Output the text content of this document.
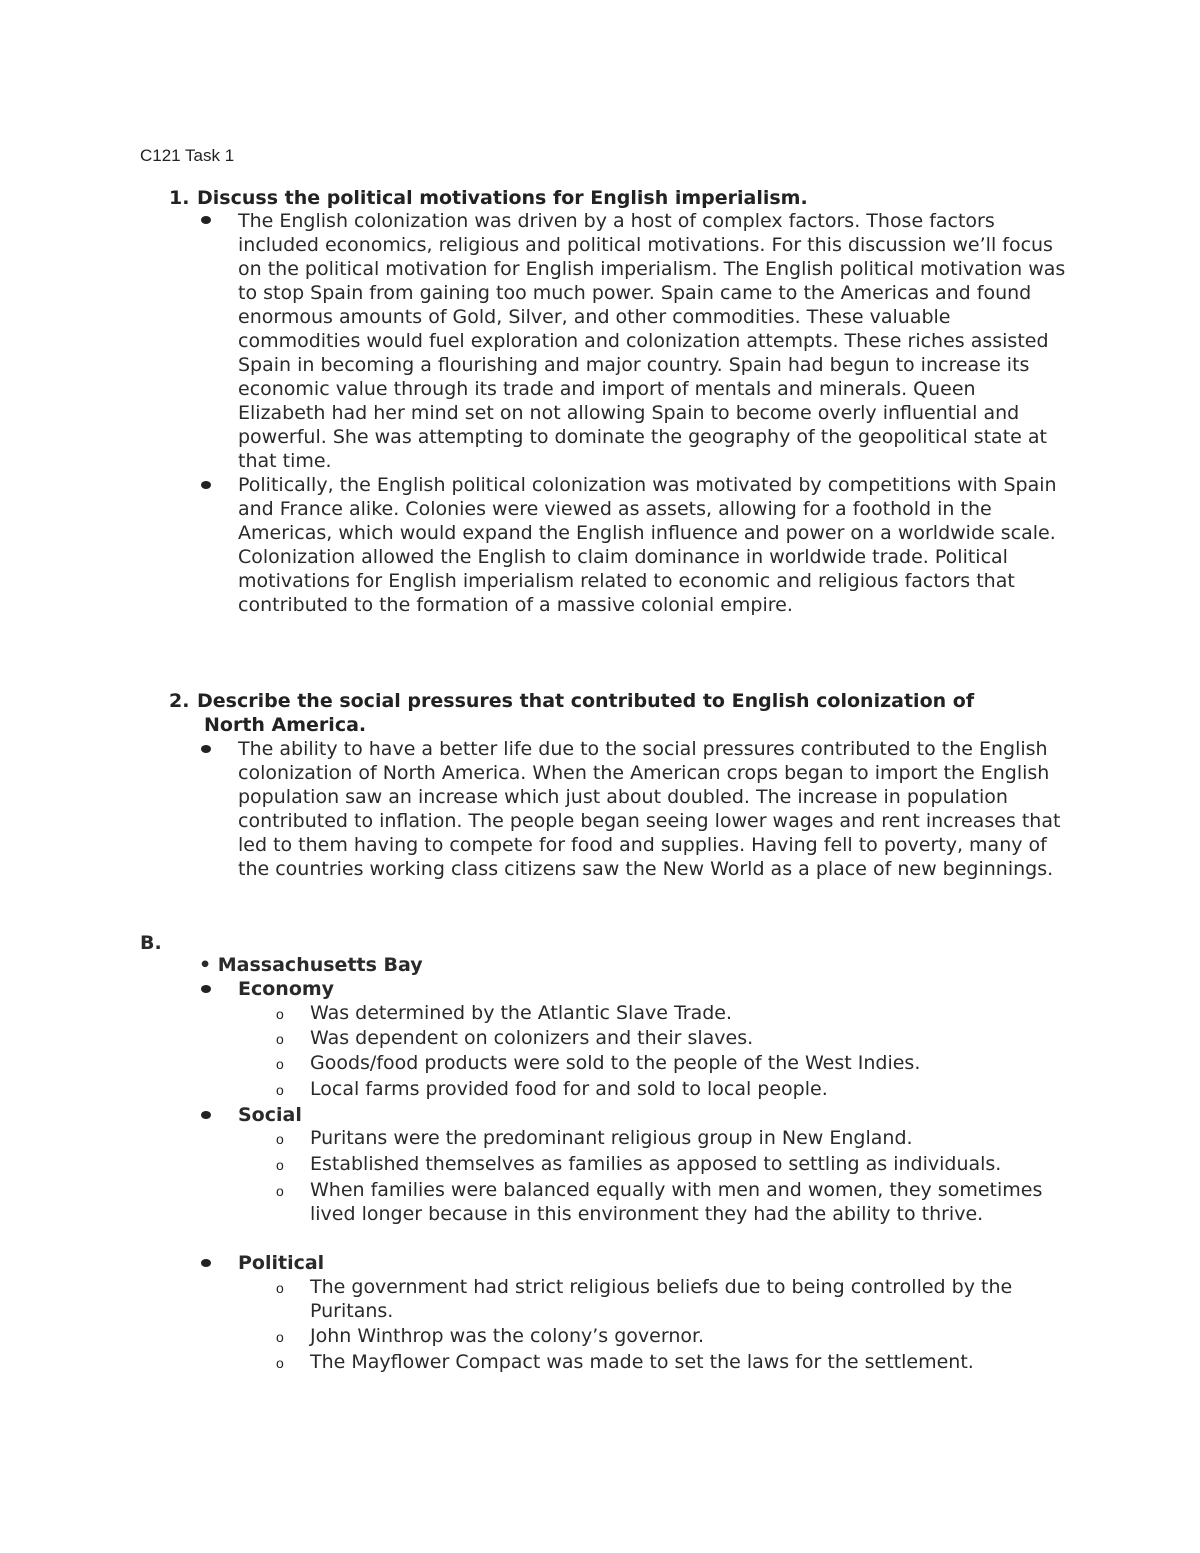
C121 Task 1
1. Discuss the political motivations for English imperialism.
The English colonization was driven by a host of complex factors. Those factors included economics, religious and political motivations. For this discussion we’ll focus on the political motivation for English imperialism. The English political motivation was to stop Spain from gaining too much power. Spain came to the Americas and found enormous amounts of Gold, Silver, and other commodities. These valuable commodities would fuel exploration and colonization attempts. These riches assisted Spain in becoming a flourishing and major country. Spain had begun to increase its economic value through its trade and import of mentals and minerals. Queen Elizabeth had her mind set on not allowing Spain to become overly influential and powerful. She was attempting to dominate the geography of the geopolitical state at that time.
Politically, the English political colonization was motivated by competitions with Spain and France alike. Colonies were viewed as assets, allowing for a foothold in the Americas, which would expand the English influence and power on a worldwide scale. Colonization allowed the English to claim dominance in worldwide trade. Political motivations for English imperialism related to economic and religious factors that contributed to the formation of a massive colonial empire.
2. Describe the social pressures that contributed to English colonization of
North America.
The ability to have a better life due to the social pressures contributed to the English colonization of North America. When the American crops began to import the English population saw an increase which just about doubled. The increase in population contributed to inflation. The people began seeing lower wages and rent increases that led to them having to compete for food and supplies. Having fell to poverty, many of the countries working class citizens saw the New World as a place of new beginnings.
B.
• Massachusetts Bay
Economy
o Was determined by the Atlantic Slave Trade.
o Was dependent on colonizers and their slaves.
o Goods/food products were sold to the people of the West Indies.
o Local farms provided food for and sold to local people.
Social
o Puritans were the predominant religious group in New England.
o Established themselves as families as apposed to settling as individuals.
o When families were balanced equally with men and women, they sometimes lived longer because in this environment they had the ability to thrive.
Political
o The government had strict religious beliefs due to being controlled by the Puritans.
o John Winthrop was the colony’s governor.
o The Mayflower Compact was made to set the laws for the settlement.
